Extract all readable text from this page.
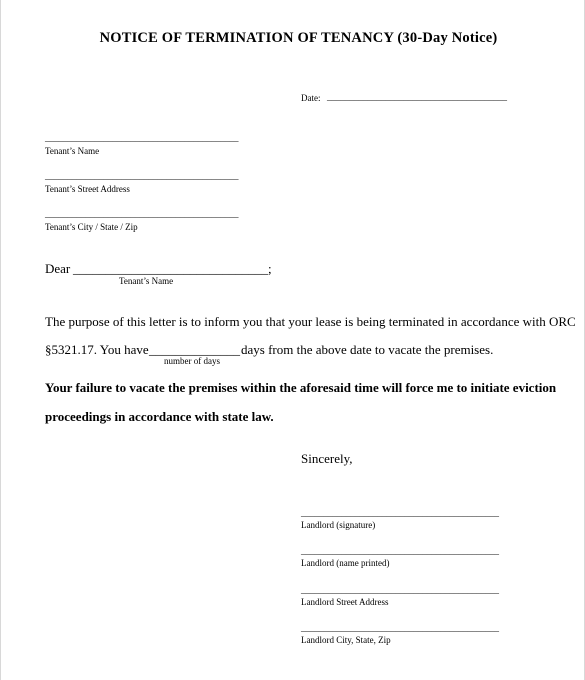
NOTICE OF TERMINATION OF TENANCY (30-Day Notice)
Date: ________________________________________
___________________________________________
Tenant’s Name
___________________________________________
Tenant’s Street Address
___________________________________________
Tenant’s City / State / Zip
Dear ______________________________;
Tenant’s Name
The purpose of this letter is to inform you that your lease is being terminated in accordance with ORC
§5321.17. You have ______________ days from the above date to vacate the premises.
number of days
Your failure to vacate the premises within the aforesaid time will force me to initiate eviction
proceedings in accordance with state law.
Sincerely,
____________________________________________
Landlord (signature)
____________________________________________
Landlord (name printed)
____________________________________________
Landlord Street Address
____________________________________________
Landlord City, State, Zip
